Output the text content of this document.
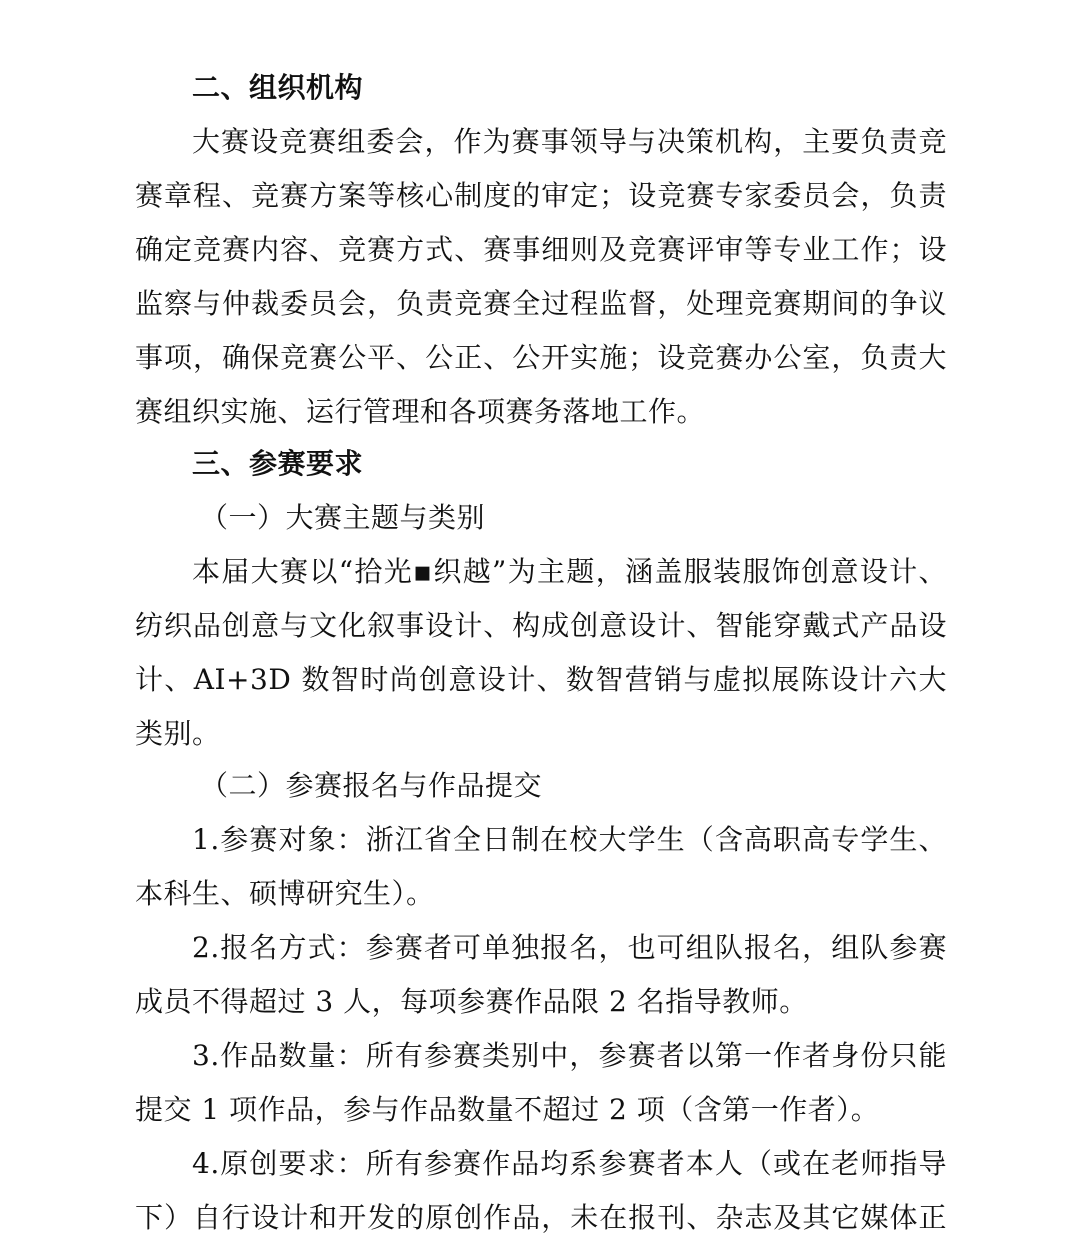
二、组织机构
大赛设竞赛组委会，作为赛事领导与决策机构，主要负责竞
赛章程、竞赛方案等核心制度的审定；设竞赛专家委员会，负责
确定竞赛内容、竞赛方式、赛事细则及竞赛评审等专业工作；设
监察与仲裁委员会，负责竞赛全过程监督，处理竞赛期间的争议
事项，确保竞赛公平、公正、公开实施；设竞赛办公室，负责大
赛组织实施、运行管理和各项赛务落地工作。
三、参赛要求
（一）大赛主题与类别
本届大赛以“拾光▪织越”为主题，涵盖服装服饰创意设计、
纺织品创意与文化叙事设计、构成创意设计、智能穿戴式产品设
计、AI+3D 数智时尚创意设计、数智营销与虚拟展陈设计六大
类别。
（二）参赛报名与作品提交
1.参赛对象：浙江省全日制在校大学生（含高职高专学生、
本科生、硕博研究生）。
2.报名方式：参赛者可单独报名，也可组队报名，组队参赛
成员不得超过 3 人，每项参赛作品限 2 名指导教师。
3.作品数量：所有参赛类别中，参赛者以第一作者身份只能
提交 1 项作品，参与作品数量不超过 2 项（含第一作者）。
4.原创要求：所有参赛作品均系参赛者本人（或在老师指导
下）自行设计和开发的原创作品，未在报刊、杂志及其它媒体正
